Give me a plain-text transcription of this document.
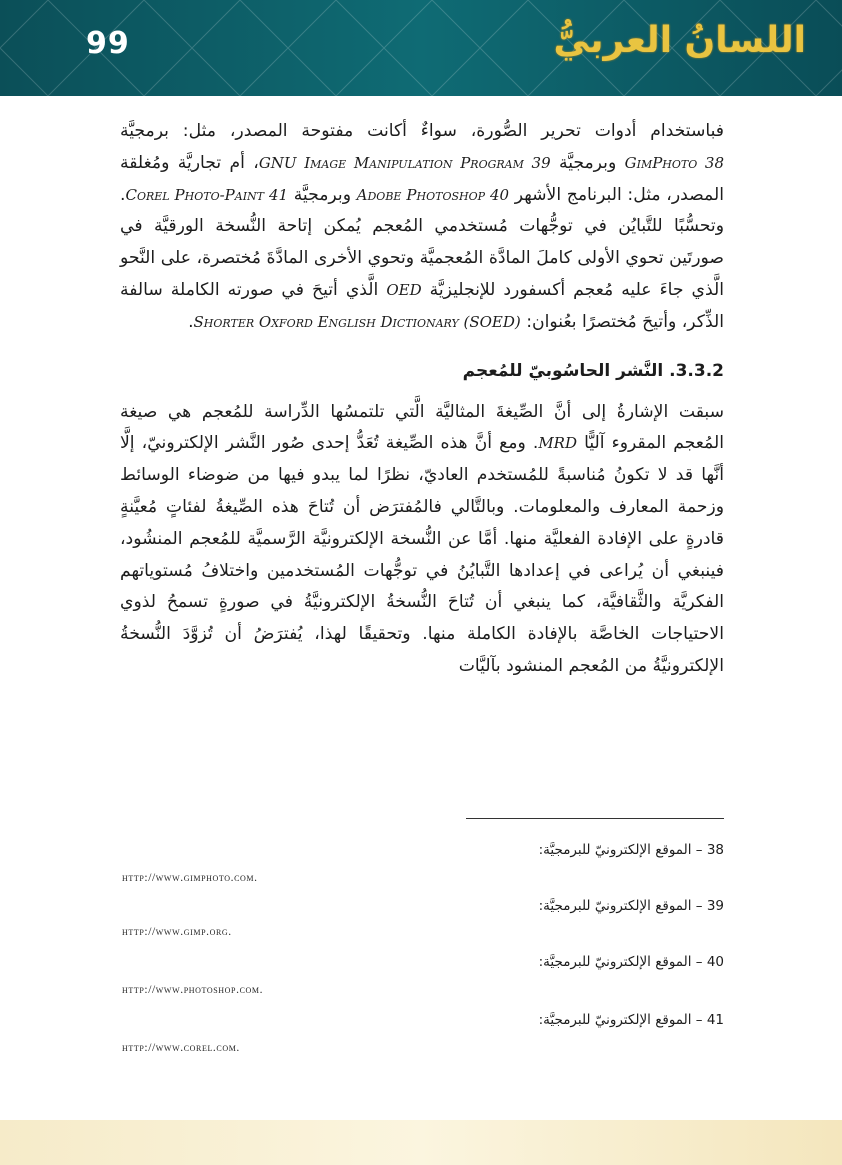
99	اللسانُ العربيُّ

فباستخدام أدوات تحرير الصُّورة، سواءٌ أكانت مفتوحة المصدر، مثل: برمجيَّة GimPhoto 38 وبرمجيَّة GNU Image Manipulation Program 39، أم تجاريَّة ومُغلقة المصدر، مثل: البرنامج الأشهر Adobe Photoshop 40 وبرمجيَّة Corel Photo-Paint 41. وتحسُّبًا للتَّبايُن في توجُّهات مُستخدمي المُعجم يُمكن إتاحة النُّسخة الورقيَّة في صورتَين تحوي الأولى كاملَ المادَّة المُعجميَّة وتحوي الأخرى المادَّةَ مُختصرة، على النَّحو الَّذي جاءَ عليه مُعجم أكسفورد للإنجليزيَّة OED الَّذي أتيحَ في صورته الكاملة سالفة الذِّكر، وأتيحَ مُختصرًا بعُنوان: Shorter Oxford English Dictionary (SOED).

3.3.2. النَّشر الحاسُوبيّ للمُعجم

سبقت الإشارةُ إلى أنَّ الصِّيغةَ المثاليَّة الَّتي تلتمسُها الدِّراسة للمُعجم هي صيغة المُعجم المقروء آليًّا MRD. ومع أنَّ هذه الصِّيغة تُعَدُّ إحدى صُور النَّشر الإلكترونيّ، إلَّا أنَّها قد لا تكونُ مُناسبةً للمُستخدم العاديّ، نظرًا لما يبدو فيها من ضوضاء الوسائط وزحمة المعارف والمعلومات. وبالتَّالي فالمُفترَض أن تُتاحَ هذه الصِّيغةُ لفئاتٍ مُعيَّنةٍ قادرةٍ على الإفادة الفعليَّة منها. أمَّا عن النُّسخة الإلكترونيَّة الرَّسميَّة للمُعجم المنشُود، فينبغي أن يُراعى في إعدادها التَّبايُنُ في توجُّهات المُستخدمين واختلافُ مُستوياتهم الفكريَّة والثَّقافيَّة، كما ينبغي أن تُتاحَ النُّسخةُ الإلكترونيَّةُ في صورةٍ تسمحُ لذوي الاحتياجات الخاصَّة بالإفادة الكاملة منها. وتحقيقًا لهذا، يُفترَضُ أن تُزوَّدَ النُّسخةُ الإلكترونيَّةُ من المُعجم المنشود بآليَّات

38 – الموقع الإلكترونيّ للبرمجيَّة:
http://www.gimphoto.com.
39 – الموقع الإلكترونيّ للبرمجيَّة:
http://www.gimp.org.
40 – الموقع الإلكترونيّ للبرمجيَّة:
http://www.photoshop.com.
41 – الموقع الإلكترونيّ للبرمجيَّة:
http://www.corel.com.
